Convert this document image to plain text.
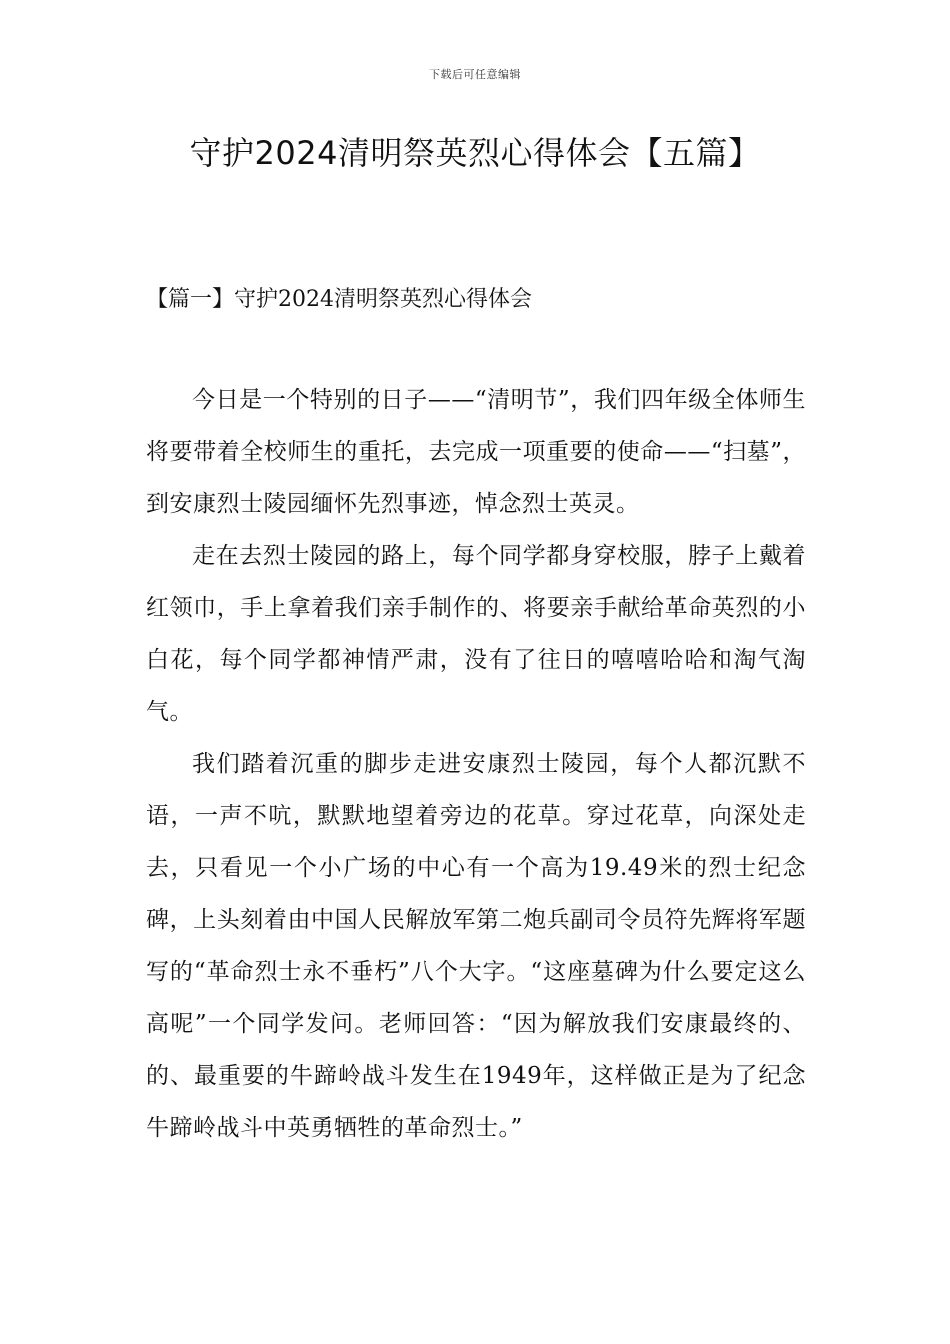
下载后可任意编辑
守护2024清明祭英烈心得体会【五篇】
【篇一】守护2024清明祭英烈心得体会

今日是一个特别的日子——“清明节”，我们四年级全体师生将要带着全校师生的重托，去完成一项重要的使命——“扫墓”，到安康烈士陵园缅怀先烈事迹，悼念烈士英灵。

走在去烈士陵园的路上，每个同学都身穿校服，脖子上戴着红领巾，手上拿着我们亲手制作的、将要亲手献给革命英烈的小白花，每个同学都神情严肃，没有了往日的嘻嘻哈哈和淘气淘气。

我们踏着沉重的脚步走进安康烈士陵园，每个人都沉默不语，一声不吭，默默地望着旁边的花草。穿过花草，向深处走去，只看见一个小广场的中心有一个高为19.49米的烈士纪念碑，上头刻着由中国人民解放军第二炮兵副司令员符先辉将军题写的“革命烈士永不垂朽”八个大字。“这座墓碑为什么要定这么高呢”一个同学发问。老师回答：“因为解放我们安康最终的、的、最重要的牛蹄岭战斗发生在1949年，这样做正是为了纪念牛蹄岭战斗中英勇牺牲的革命烈士。”
